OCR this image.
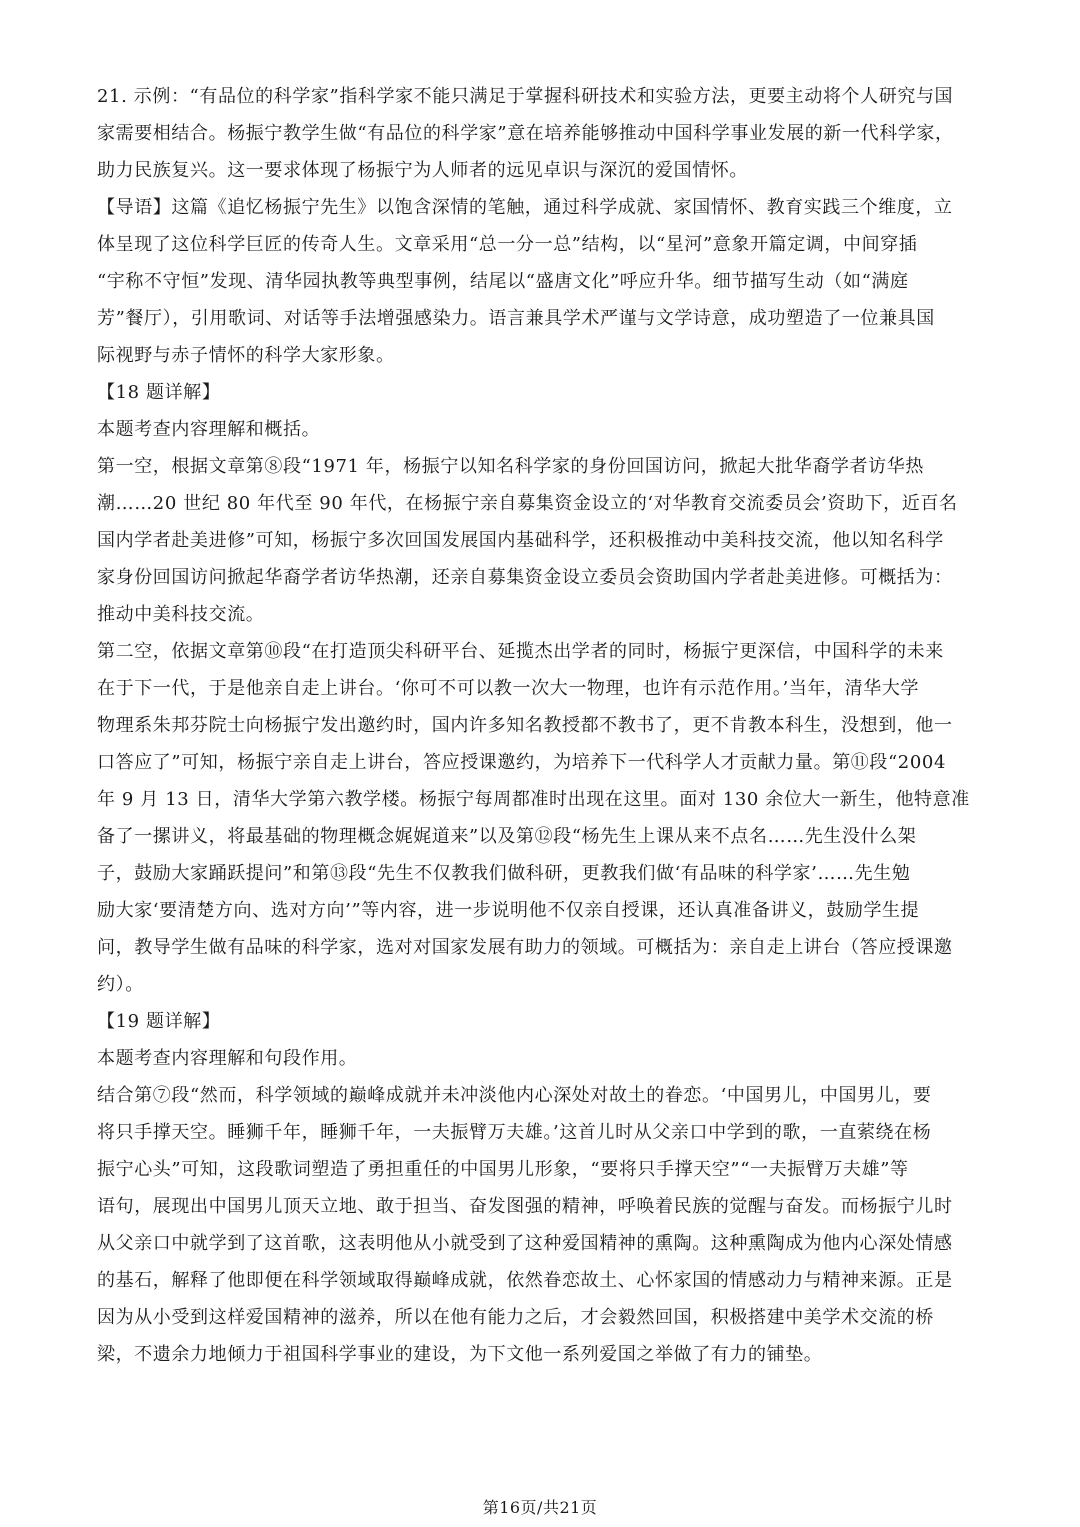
21. 示例：“有品位的科学家”指科学家不能只满足于掌握科研技术和实验方法，更要主动将个人研究与国
家需要相结合。杨振宁教学生做“有品位的科学家”意在培养能够推动中国科学事业发展的新一代科学家，
助力民族复兴。这一要求体现了杨振宁为人师者的远见卓识与深沉的爱国情怀。
【导语】这篇《追忆杨振宁先生》以饱含深情的笔触，通过科学成就、家国情怀、教育实践三个维度，立
体呈现了这位科学巨匠的传奇人生。文章采用“总一分一总”结构，以“星河”意象开篇定调，中间穿插
“宇称不守恒”发现、清华园执教等典型事例，结尾以“盛唐文化”呼应升华。细节描写生动（如“满庭
芳”餐厅），引用歌词、对话等手法增强感染力。语言兼具学术严谨与文学诗意，成功塑造了一位兼具国
际视野与赤子情怀的科学大家形象。
【18 题详解】
本题考查内容理解和概括。
第一空，根据文章第⑧段“1971 年，杨振宁以知名科学家的身份回国访问，掀起大批华裔学者访华热
潮……20 世纪 80 年代至 90 年代，在杨振宁亲自募集资金设立的‘对华教育交流委员会’资助下，近百名
国内学者赴美进修”可知，杨振宁多次回国发展国内基础科学，还积极推动中美科技交流，他以知名科学
家身份回国访问掀起华裔学者访华热潮，还亲自募集资金设立委员会资助国内学者赴美进修。可概括为：
推动中美科技交流。
第二空，依据文章第⑩段“在打造顶尖科研平台、延揽杰出学者的同时，杨振宁更深信，中国科学的未来
在于下一代，于是他亲自走上讲台。‘你可不可以教一次大一物理，也许有示范作用。’当年，清华大学
物理系朱邦芬院士向杨振宁发出邀约时，国内许多知名教授都不教书了，更不肯教本科生，没想到，他一
口答应了”可知，杨振宁亲自走上讲台，答应授课邀约，为培养下一代科学人才贡献力量。第⑪段“2004
年 9 月 13 日，清华大学第六教学楼。杨振宁每周都准时出现在这里。面对 130 余位大一新生，他特意准
备了一摞讲义，将最基础的物理概念娓娓道来”以及第⑫段“杨先生上课从来不点名……先生没什么架
子，鼓励大家踊跃提问”和第⑬段“先生不仅教我们做科研，更教我们做‘有品味的科学家’……先生勉
励大家‘要清楚方向、选对方向’”等内容，进一步说明他不仅亲自授课，还认真准备讲义，鼓励学生提
问，教导学生做有品味的科学家，选对对国家发展有助力的领域。可概括为：亲自走上讲台（答应授课邀
约）。
【19 题详解】
本题考查内容理解和句段作用。
结合第⑦段“然而，科学领域的巅峰成就并未冲淡他内心深处对故土的眷恋。‘中国男儿，中国男儿，要
将只手撑天空。睡狮千年，睡狮千年，一夫振臂万夫雄。’这首儿时从父亲口中学到的歌，一直萦绕在杨
振宁心头”可知，这段歌词塑造了勇担重任的中国男儿形象，“要将只手撑天空”“一夫振臂万夫雄”等
语句，展现出中国男儿顶天立地、敢于担当、奋发图强的精神，呼唤着民族的觉醒与奋发。而杨振宁儿时
从父亲口中就学到了这首歌，这表明他从小就受到了这种爱国精神的熏陶。这种熏陶成为他内心深处情感
的基石，解释了他即便在科学领域取得巅峰成就，依然眷恋故土、心怀家国的情感动力与精神来源。正是
因为从小受到这样爱国精神的滋养，所以在他有能力之后，才会毅然回国，积极搭建中美学术交流的桥
梁，不遗余力地倾力于祖国科学事业的建设，为下文他一系列爱国之举做了有力的铺垫。
第16页/共21页
